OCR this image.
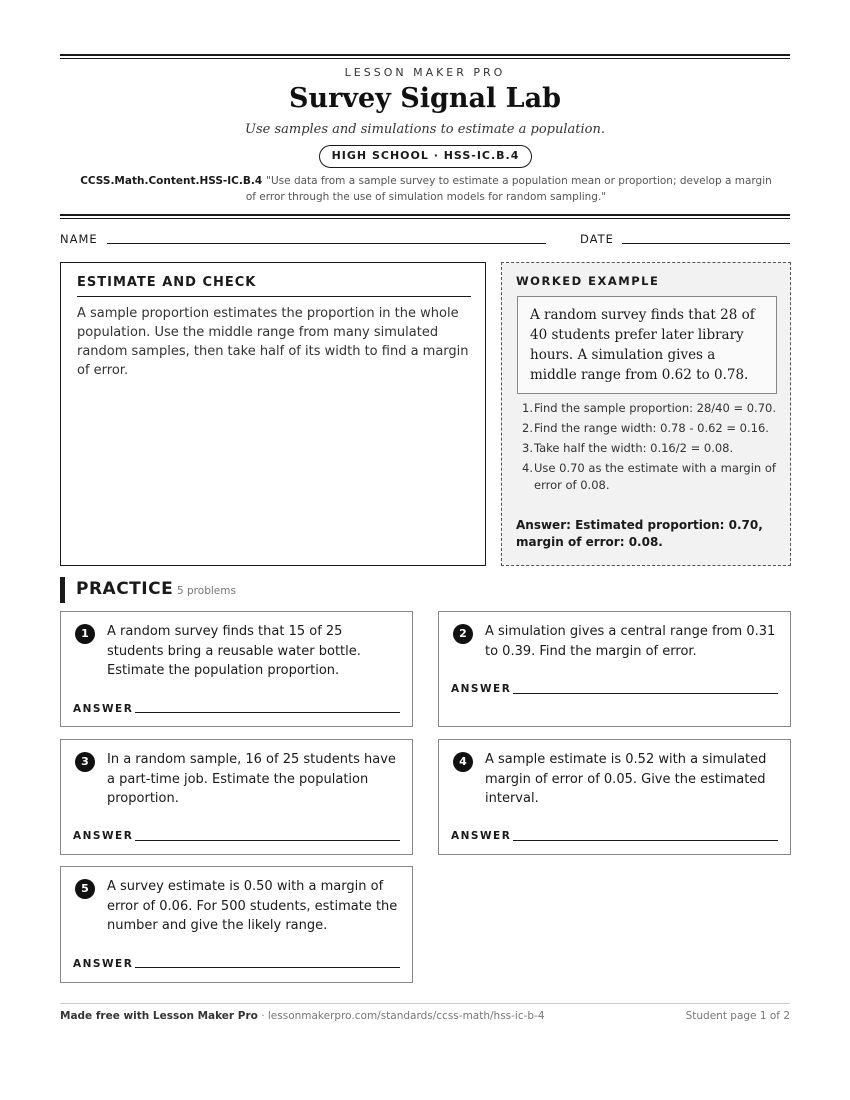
LESSON MAKER PRO
Survey Signal Lab
Use samples and simulations to estimate a population.
HIGH SCHOOL · HSS-IC.B.4
CCSS.Math.Content.HSS-IC.B.4 "Use data from a sample survey to estimate a population mean or proportion; develop a margin of error through the use of simulation models for random sampling."
NAME	DATE
ESTIMATE AND CHECK
A sample proportion estimates the proportion in the whole population. Use the middle range from many simulated random samples, then take half of its width to find a margin of error.
WORKED EXAMPLE
A random survey finds that 28 of 40 students prefer later library hours. A simulation gives a middle range from 0.62 to 0.78.
1. Find the sample proportion: 28/40 = 0.70.
2. Find the range width: 0.78 - 0.62 = 0.16.
3. Take half the width: 0.16/2 = 0.08.
4. Use 0.70 as the estimate with a margin of error of 0.08.
Answer: Estimated proportion: 0.70, margin of error: 0.08.
PRACTICE 5 problems
1	A random survey finds that 15 of 25 students bring a reusable water bottle. Estimate the population proportion.
ANSWER
2	A simulation gives a central range from 0.31 to 0.39. Find the margin of error.
ANSWER
3	In a random sample, 16 of 25 students have a part-time job. Estimate the population proportion.
ANSWER
4	A sample estimate is 0.52 with a simulated margin of error of 0.05. Give the estimated interval.
ANSWER
5	A survey estimate is 0.50 with a margin of error of 0.06. For 500 students, estimate the number and give the likely range.
ANSWER
Made free with Lesson Maker Pro · lessonmakerpro.com/standards/ccss-math/hss-ic-b-4	Student page 1 of 2
